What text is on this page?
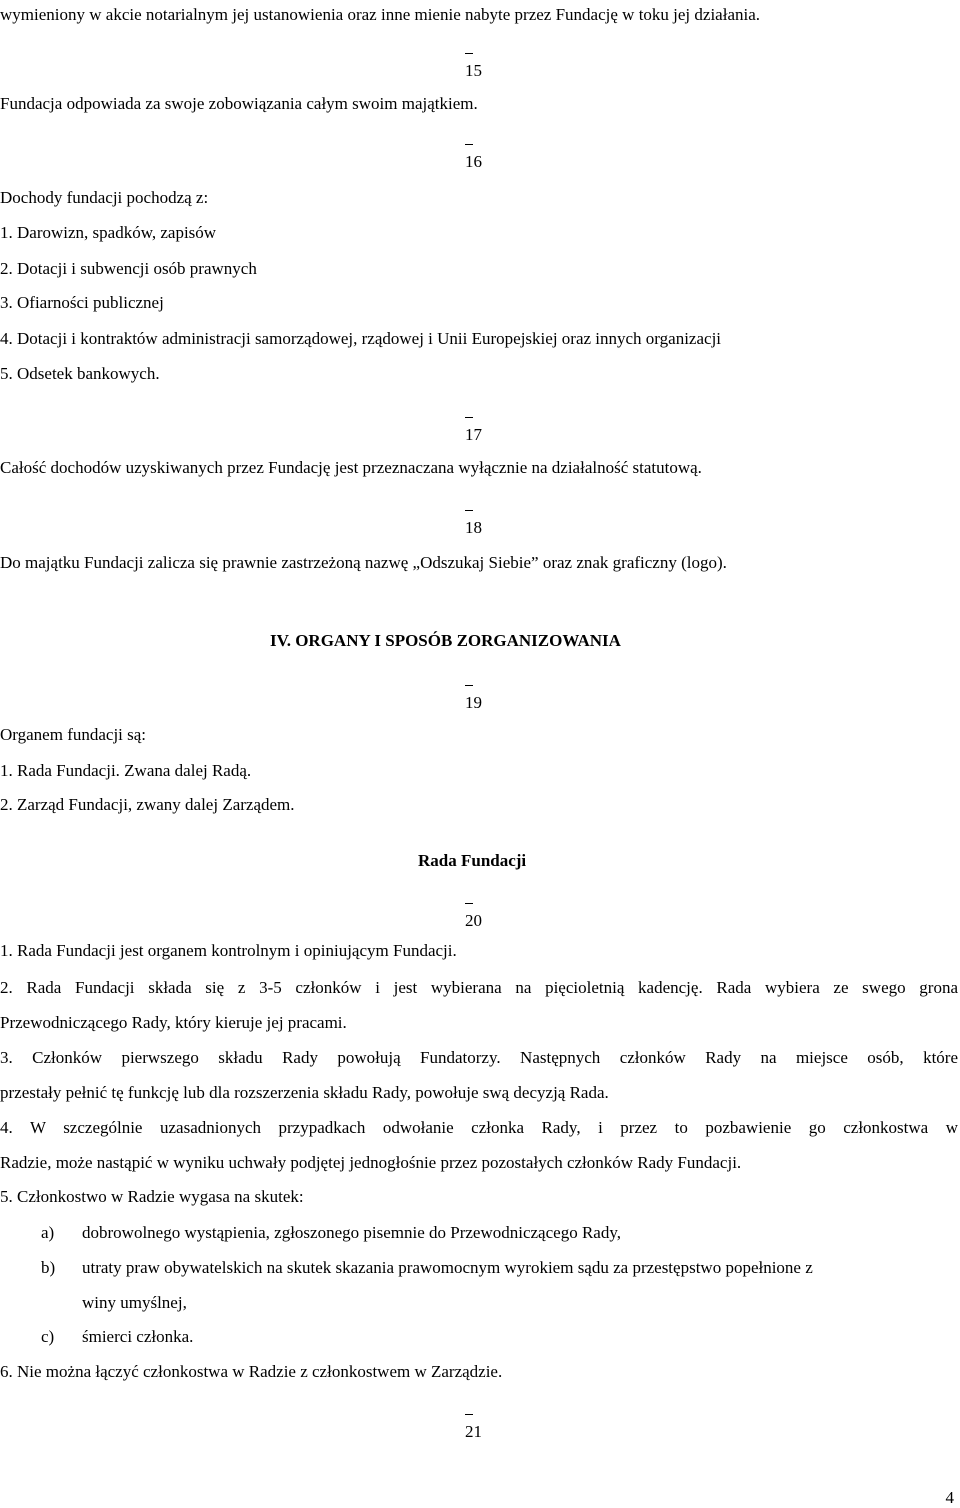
wymieniony w akcie notarialnym jej ustanowienia oraz inne mienie nabyte przez Fundację w toku jej działania.
15
Fundacja odpowiada za swoje zobowiązania całym swoim majątkiem.
16
Dochody fundacji pochodzą z:
1. Darowizn, spadków, zapisów
2. Dotacji i subwencji osób prawnych
3. Ofiarności publicznej
4. Dotacji i kontraktów administracji samorządowej, rządowej i Unii Europejskiej oraz innych organizacji
5. Odsetek bankowych.
17
Całość dochodów uzyskiwanych przez Fundację jest przeznaczana wyłącznie na działalność statutową.
18
Do majątku Fundacji zalicza się prawnie zastrzeżoną nazwę „Odszukaj Siebie” oraz znak graficzny (logo).
IV. ORGANY I SPOSÓB ZORGANIZOWANIA
19
Organem fundacji są:
1. Rada Fundacji. Zwana dalej Radą.
2. Zarząd Fundacji, zwany dalej Zarządem.
Rada Fundacji
20
1. Rada Fundacji jest organem kontrolnym i opiniującym Fundacji.
2. Rada Fundacji składa się z 3-5 członków i jest wybierana na pięcioletnią kadencję. Rada wybiera ze swego grona
Przewodniczącego Rady, który kieruje jej pracami.
3. Członków pierwszego składu Rady powołują Fundatorzy. Następnych członków Rady na miejsce osób, które
przestały pełnić tę funkcję lub dla rozszerzenia składu Rady, powołuje swą decyzją Rada.
4. W szczególnie uzasadnionych przypadkach odwołanie członka Rady, i przez to pozbawienie go członkostwa w
Radzie, może nastąpić w wyniku uchwały podjętej jednogłośnie przez pozostałych członków Rady Fundacji.
5. Członkostwo w Radzie wygasa na skutek:
a) dobrowolnego wystąpienia, zgłoszonego pisemnie do Przewodniczącego Rady,
b) utraty praw obywatelskich na skutek skazania prawomocnym wyrokiem sądu za przestępstwo popełnione z
winy umyślnej,
c) śmierci członka.
6. Nie można łączyć członkostwa w Radzie z członkostwem w Zarządzie.
21
4
